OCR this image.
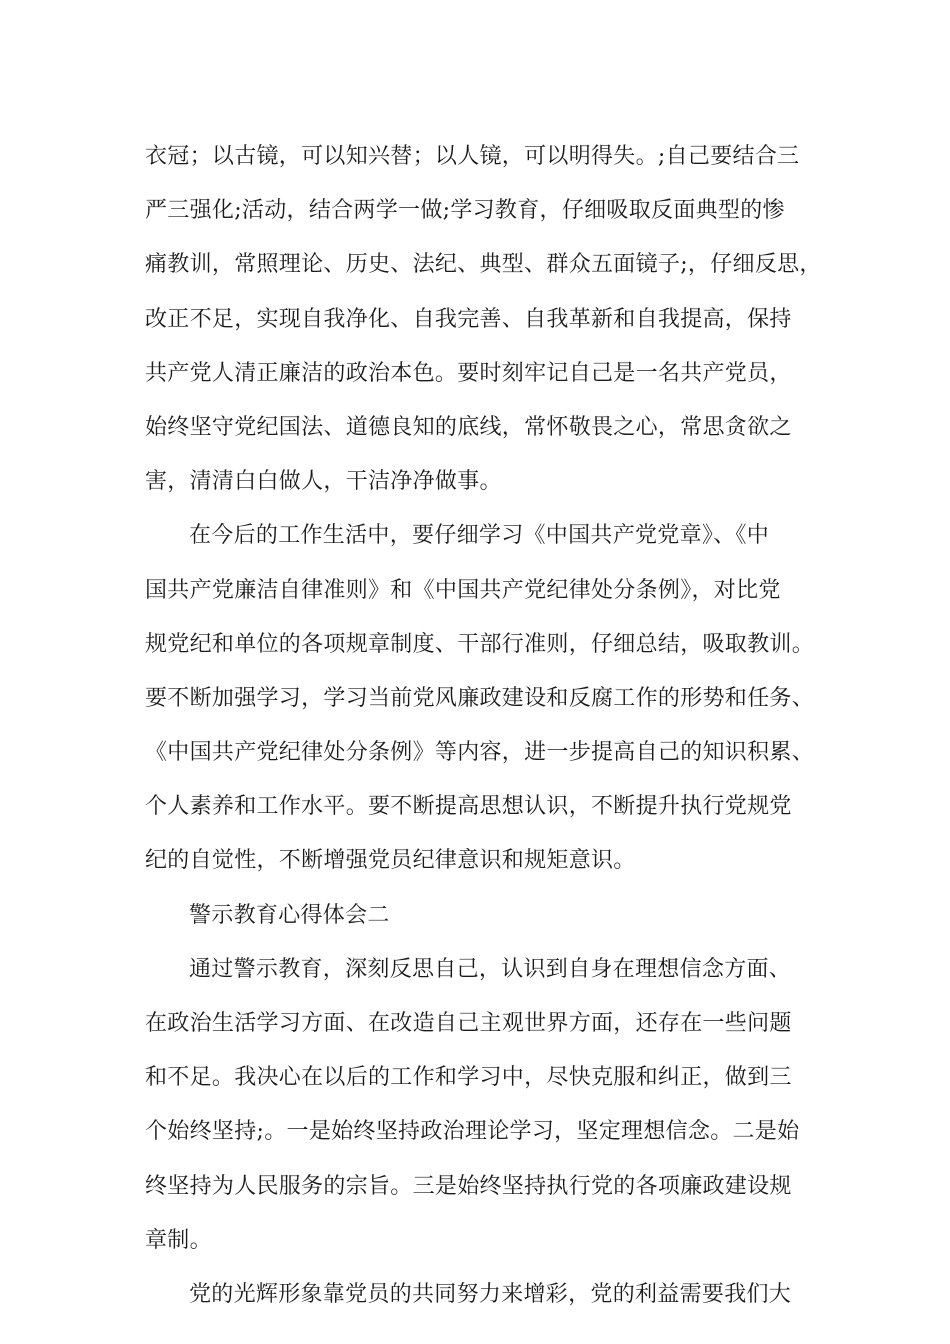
衣冠；以古镜，可以知兴替；以人镜，可以明得失。;自己要结合三
严三强化;活动，结合两学一做;学习教育，仔细吸取反面典型的惨
痛教训，常照理论、历史、法纪、典型、群众五面镜子;，仔细反思，
改正不足，实现自我净化、自我完善、自我革新和自我提高，保持
共产党人清正廉洁的政治本色。要时刻牢记自己是一名共产党员，
始终坚守党纪国法、道德良知的底线，常怀敬畏之心，常思贪欲之
害，清清白白做人，干洁净净做事。
在今后的工作生活中，要仔细学习《中国共产党党章》、《中
国共产党廉洁自律准则》和《中国共产党纪律处分条例》，对比党
规党纪和单位的各项规章制度、干部行准则，仔细总结，吸取教训。
要不断加强学习，学习当前党风廉政建设和反腐工作的形势和任务、
《中国共产党纪律处分条例》等内容，进一步提高自己的知识积累、
个人素养和工作水平。要不断提高思想认识，不断提升执行党规党
纪的自觉性，不断增强党员纪律意识和规矩意识。
警示教育心得体会二
通过警示教育，深刻反思自己，认识到自身在理想信念方面、
在政治生活学习方面、在改造自己主观世界方面，还存在一些问题
和不足。我决心在以后的工作和学习中，尽快克服和纠正，做到三
个始终坚持;。一是始终坚持政治理论学习，坚定理想信念。二是始
终坚持为人民服务的宗旨。三是始终坚持执行党的各项廉政建设规
章制。
党的光辉形象靠党员的共同努力来增彩，党的利益需要我们大
